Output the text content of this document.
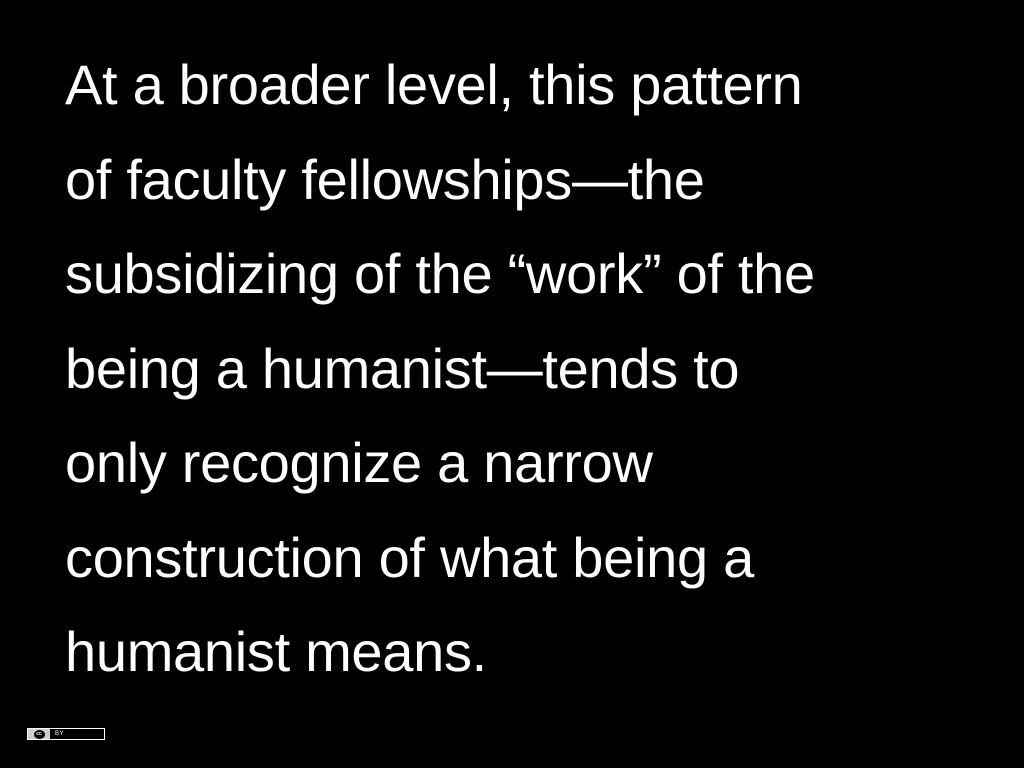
At a broader level, this pattern
of faculty fellowships—the
subsidizing of the “work” of the
being a humanist—tends to
only recognize a narrow
construction of what being a
humanist means.
cc	BY
